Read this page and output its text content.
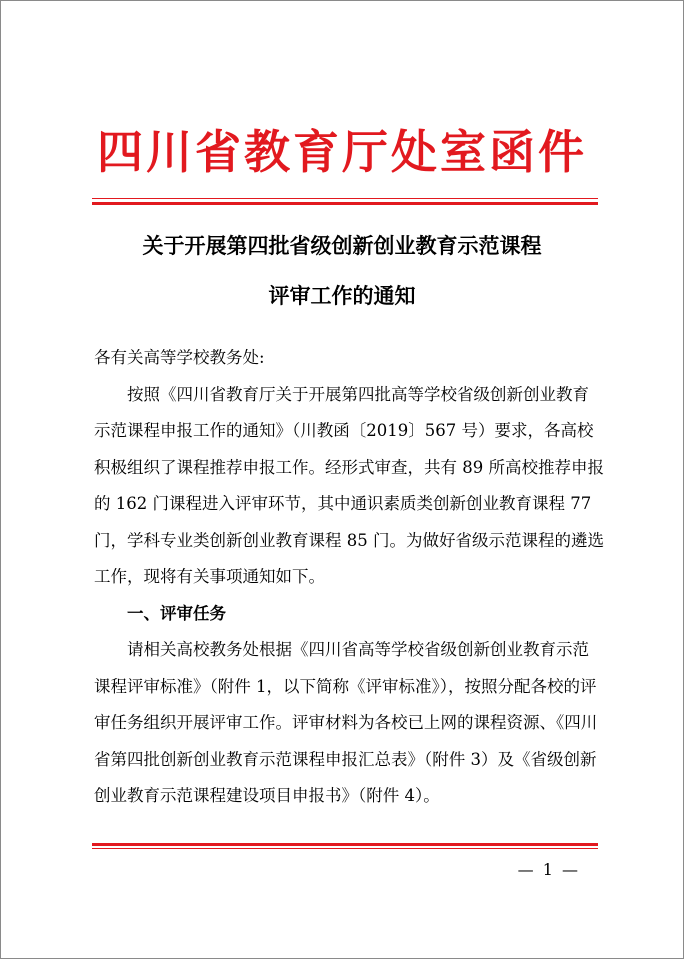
四川省教育厅处室函件
关于开展第四批省级创新创业教育示范课程
评审工作的通知

各有关高等学校教务处:

按照《四川省教育厅关于开展第四批高等学校省级创新创业教育示范课程申报工作的通知》（川教函〔2019〕567 号）要求，各高校积极组织了课程推荐申报工作。经形式审查，共有 89 所高校推荐申报的 162 门课程进入评审环节，其中通识素质类创新创业教育课程 77 门，学科专业类创新创业教育课程 85 门。为做好省级示范课程的遴选工作，现将有关事项通知如下。

一、评审任务

请相关高校教务处根据《四川省高等学校省级创新创业教育示范课程评审标准》（附件 1，以下简称《评审标准》），按照分配各校的评审任务组织开展评审工作。评审材料为各校已上网的课程资源、《四川省第四批创新创业教育示范课程申报汇总表》（附件 3）及《省级创新创业教育示范课程建设项目申报书》（附件 4）。

— 1 —
